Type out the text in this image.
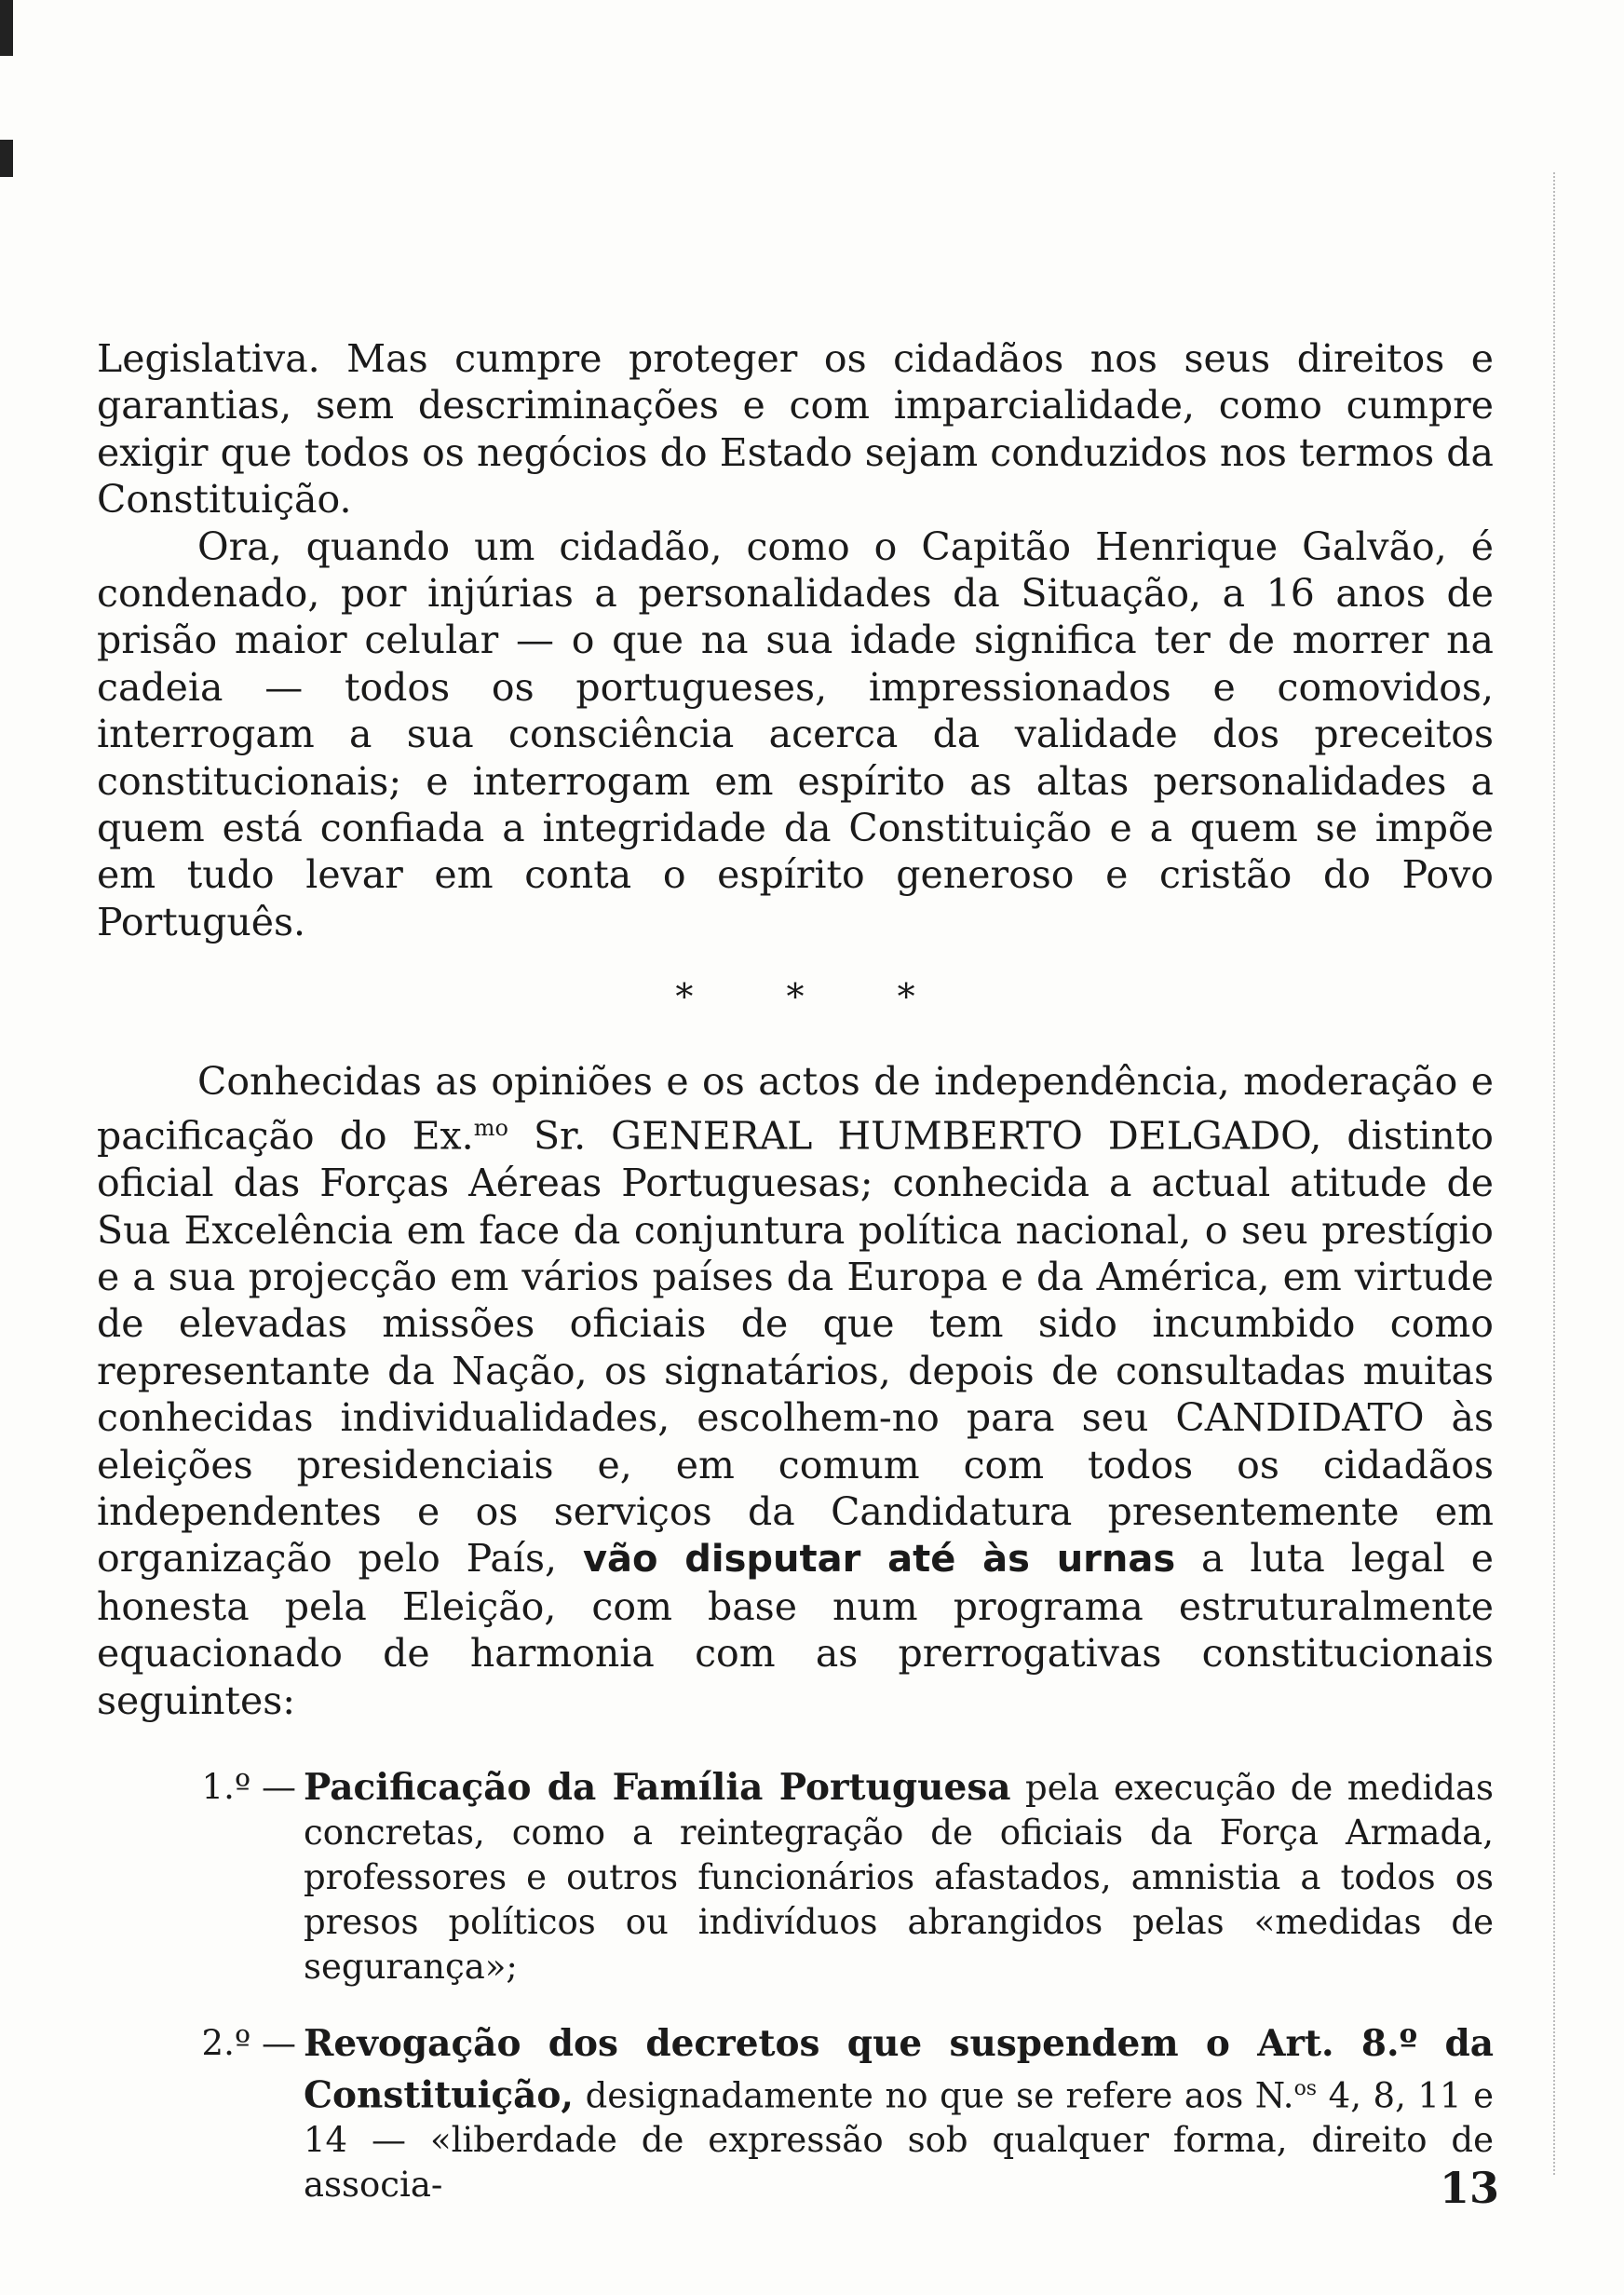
Legislativa. Mas cumpre proteger os cidadãos nos seus direitos e garantias, sem descriminações e com imparcialidade, como cumpre exigir que todos os negócios do Estado sejam conduzidos nos termos da Constituição.

Ora, quando um cidadão, como o Capitão Henrique Galvão, é condenado, por injúrias a personalidades da Situação, a 16 anos de prisão maior celular — o que na sua idade significa ter de morrer na cadeia — todos os portugueses, impressionados e comovidos, interrogam a sua consciência acerca da validade dos preceitos constitucionais; e interrogam em espírito as altas personalidades a quem está confiada a integridade da Constituição e a quem se impõe em tudo levar em conta o espírito generoso e cristão do Povo Português.

* * *

Conhecidas as opiniões e os actos de independência, moderação e pacificação do Ex.$^{mo}$ Sr. GENERAL HUMBERTO DELGADO, distinto oficial das Forças Aéreas Portuguesas; conhecida a actual atitude de Sua Excelência em face da conjuntura política nacional, o seu prestígio e a sua projecção em vários países da Europa e da América, em virtude de elevadas missões oficiais de que tem sido incumbido como representante da Nação, os signatários, depois de consultadas muitas conhecidas individualidades, escolhem-no para seu CANDIDATO às eleições presidenciais e, em comum com todos os cidadãos independentes e os serviços da Candidatura presentemente em organização pelo País, vão disputar até às urnas a luta legal e honesta pela Eleição, com base num programa estruturalmente equacionado de harmonia com as prerrogativas constitucionais seguintes:

1.º — Pacificação da Família Portuguesa pela execução de medidas concretas, como a reintegração de oficiais da Força Armada, professores e outros funcionários afastados, amnistia a todos os presos políticos ou indivíduos abrangidos pelas «medidas de segurança»;
2.º — Revogação dos decretos que suspendem o Art. 8.º da Constituição, designadamente no que se refere aos N.$^{os}$ 4, 8, 11 e 14 — «liberdade de expressão sob qualquer forma, direito de associa-	13
